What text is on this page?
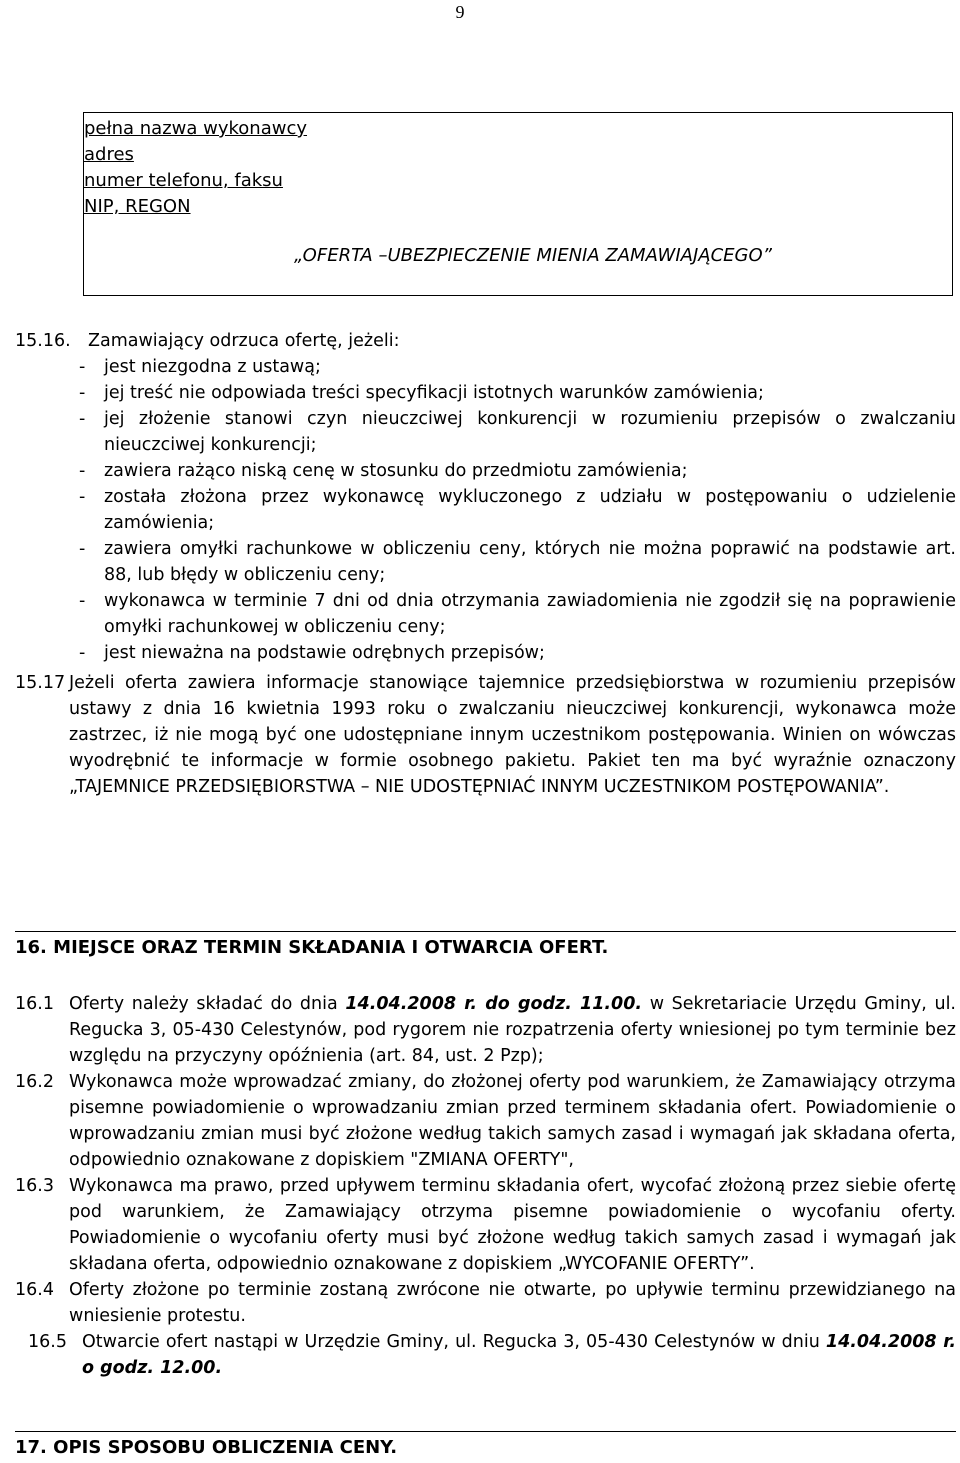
9
pełna nazwa wykonawcy
adres
numer telefonu, faksu
NIP, REGON
„OFERTA –UBEZPIECZENIE MIENIA ZAMAWIAJĄCEGO”
15.16. Zamawiający odrzuca ofertę, jeżeli:
- jest niezgodna z ustawą;
- jej treść nie odpowiada treści specyfikacji istotnych warunków zamówienia;
- jej złożenie stanowi czyn nieuczciwej konkurencji w rozumieniu przepisów o zwalczaniu nieuczciwej konkurencji;
- zawiera rażąco niską cenę w stosunku do przedmiotu zamówienia;
- została złożona przez wykonawcę wykluczonego z udziału w postępowaniu o udzielenie zamówienia;
- zawiera omyłki rachunkowe w obliczeniu ceny, których nie można poprawić na podstawie art. 88, lub błędy w obliczeniu ceny;
- wykonawca w terminie 7 dni od dnia otrzymania zawiadomienia nie zgodził się na poprawienie omyłki rachunkowej w obliczeniu ceny;
- jest nieważna na podstawie odrębnych przepisów;
15.17 Jeżeli oferta zawiera informacje stanowiące tajemnice przedsiębiorstwa w rozumieniu przepisów ustawy z dnia 16 kwietnia 1993 roku o zwalczaniu nieuczciwej konkurencji, wykonawca może zastrzec, iż nie mogą być one udostępniane innym uczestnikom postępowania. Winien on wówczas wyodrębnić te informacje w formie osobnego pakietu. Pakiet ten ma być wyraźnie oznaczony „TAJEMNICE PRZEDSIĘBIORSTWA – NIE UDOSTĘPNIAĆ INNYM UCZESTNIKOM POSTĘPOWANIA”.
16. MIEJSCE ORAZ TERMIN SKŁADANIA I OTWARCIA OFERT.
16.1 Oferty należy składać do dnia 14.04.2008 r. do godz. 11.00. w Sekretariacie Urzędu Gminy, ul. Regucka 3, 05-430 Celestynów, pod rygorem nie rozpatrzenia oferty wniesionej po tym terminie bez względu na przyczyny opóźnienia (art. 84, ust. 2 Pzp);
16.2 Wykonawca może wprowadzać zmiany, do złożonej oferty pod warunkiem, że Zamawiający otrzyma pisemne powiadomienie o wprowadzaniu zmian przed terminem składania ofert. Powiadomienie o wprowadzaniu zmian musi być złożone według takich samych zasad i wymagań jak składana oferta, odpowiednio oznakowane z dopiskiem "ZMIANA OFERTY",
16.3 Wykonawca ma prawo, przed upływem terminu składania ofert, wycofać złożoną przez siebie ofertę pod warunkiem, że Zamawiający otrzyma pisemne powiadomienie o wycofaniu oferty. Powiadomienie o wycofaniu oferty musi być złożone według takich samych zasad i wymagań jak składana oferta, odpowiednio oznakowane z dopiskiem „WYCOFANIE OFERTY”.
16.4 Oferty złożone po terminie zostaną zwrócone nie otwarte, po upływie terminu przewidzianego na wniesienie protestu.
16.5 Otwarcie ofert nastąpi w Urzędzie Gminy, ul. Regucka 3, 05-430 Celestynów w dniu 14.04.2008 r. o godz. 12.00.
17. OPIS SPOSOBU OBLICZENIA CENY.
